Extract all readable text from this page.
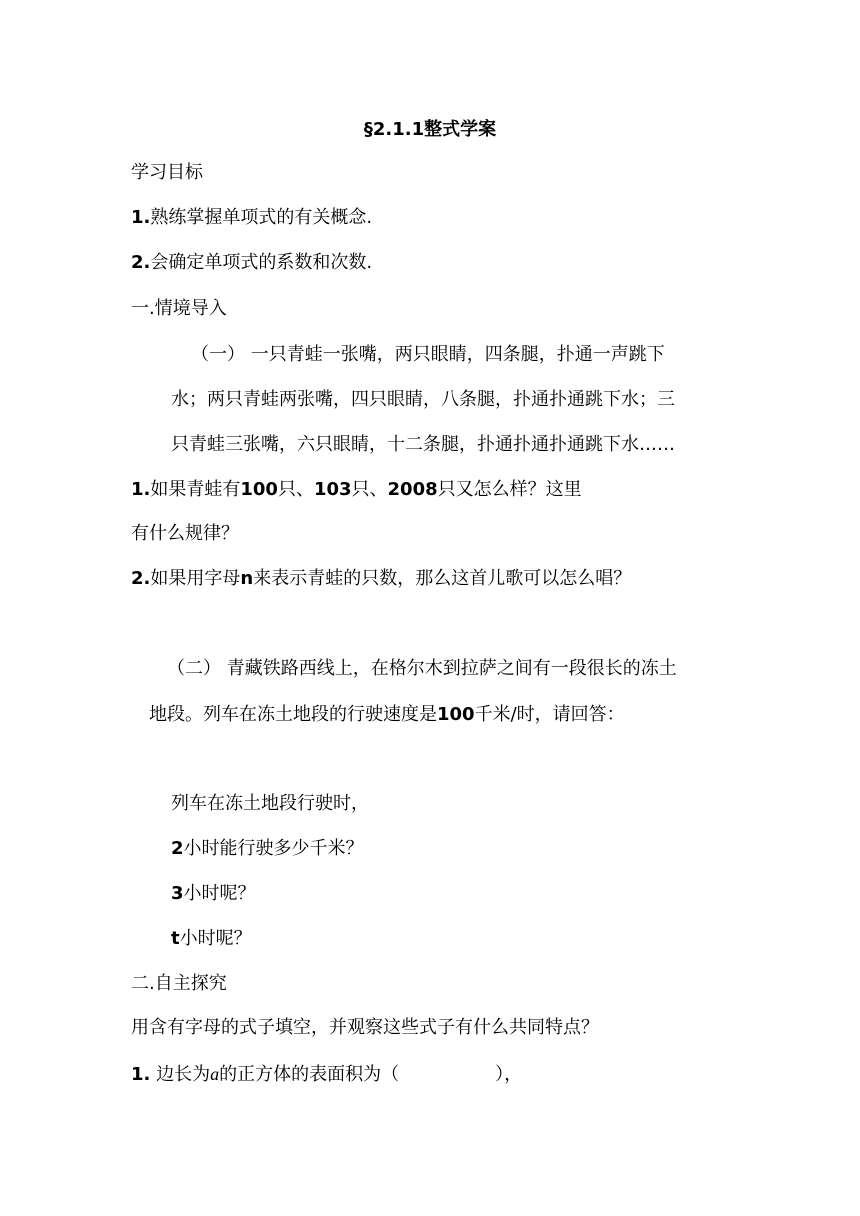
§2.1.1整式学案
学习目标
1.熟练掌握单项式的有关概念.
2.会确定单项式的系数和次数.
一.情境导入
（一） 一只青蛙一张嘴，两只眼睛，四条腿，扑通一声跳下
水；两只青蛙两张嘴，四只眼睛，八条腿，扑通扑通跳下水；三
只青蛙三张嘴，六只眼睛，十二条腿，扑通扑通扑通跳下水……
1.如果青蛙有100只、103只、2008只又怎么样？这里
有什么规律？
2.如果用字母n来表示青蛙的只数，那么这首儿歌可以怎么唱？
（二） 青藏铁路西线上，在格尔木到拉萨之间有一段很长的冻土
地段。列车在冻土地段的行驶速度是100千米/时，请回答：
列车在冻土地段行驶时，
2小时能行驶多少千米？
3小时呢？
t小时呢？
二.自主探究
用含有字母的式子填空，并观察这些式子有什么共同特点？
1. 边长为a的正方体的表面积为（	），
